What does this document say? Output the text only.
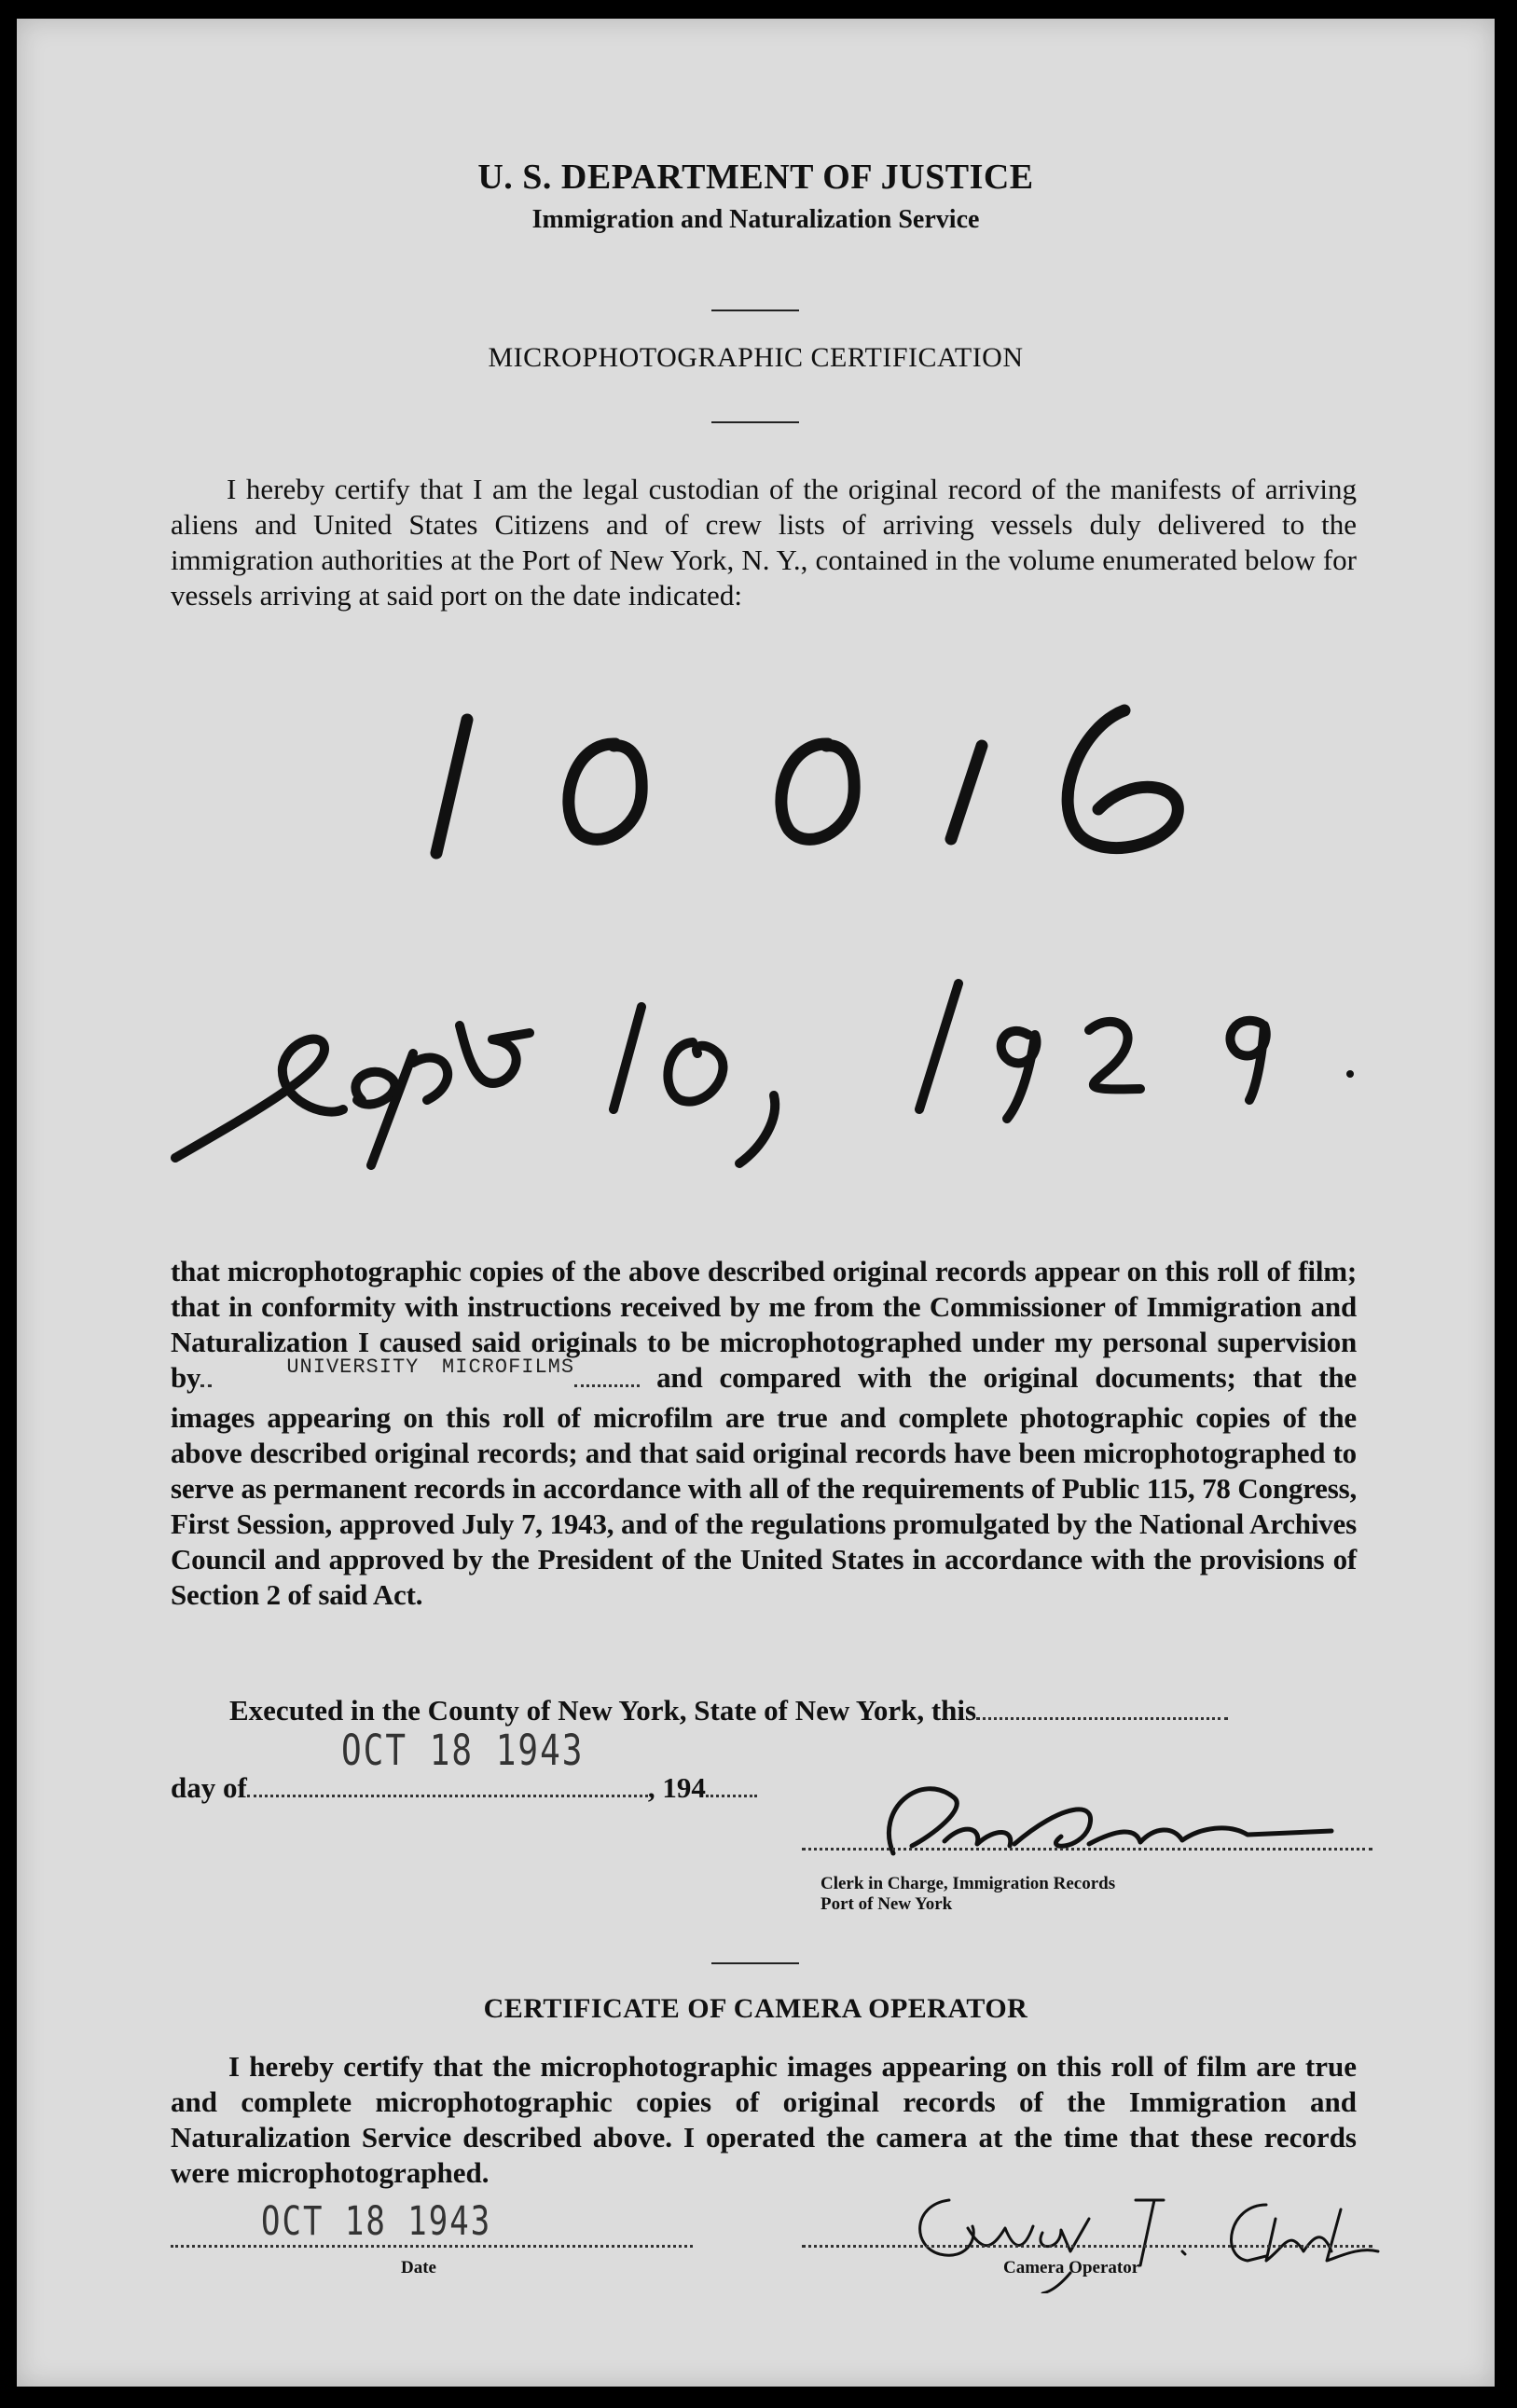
U. S. DEPARTMENT OF JUSTICE
Immigration and Naturalization Service
MICROPHOTOGRAPHIC CERTIFICATION
I hereby certify that I am the legal custodian of the original record of the manifests of arriving aliens and United States Citizens and of crew lists of arriving vessels duly delivered to the immigration authorities at the Port of New York, N. Y., contained in the volume enumerated below for vessels arriving at said port on the date indicated:
that microphotographic copies of the above described original records appear on this roll of film; that in conformity with instructions received by me from the Commissioner of Immigration and Naturalization I caused said originals to be microphotographed under my personal supervision by	$^{UNIVERSITY MICROFILMS}$	and compared with the original documents; that the images appearing on this roll of microfilm are true and complete photographic copies of the above described original records; and that said original records have been microphotographed to serve as permanent records in accordance with all of the requirements of Public 115, 78 Congress, First Session, approved July 7, 1943, and of the regulations promulgated by the National Archives Council and approved by the President of the United States in accordance with the provisions of Section 2 of said Act.
Executed in the County of New York, State of New York, this
OCT 18 1943
day of	, 194
Clerk in Charge, Immigration Records
Port of New York
CERTIFICATE OF CAMERA OPERATOR
I hereby certify that the microphotographic images appearing on this roll of film are true and complete microphotographic copies of original records of the Immigration and Naturalization Service described above. I operated the camera at the time that these records were microphotographed.
OCT 18 1943
Date	Camera Operator
